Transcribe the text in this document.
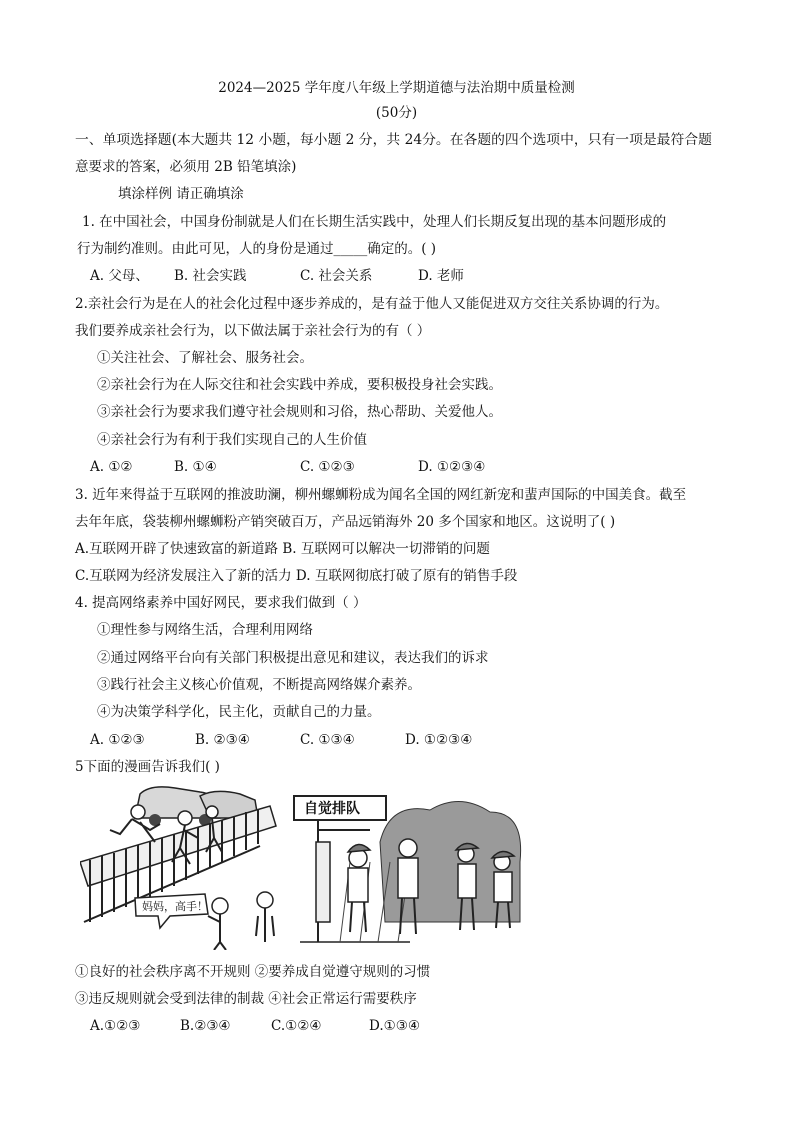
2024—2025 学年度八年级上学期道德与法治期中质量检测
(50分)
一、单项选择题(本大题共 12 小题，每小题 2 分，共 24分。在各题的四个选项中，只有一项是最符合题
意要求的答案，必须用 2B 铅笔填涂)
填涂样例 请正确填涂
1. 在中国社会，中国身份制就是人们在长期生活实践中，处理人们长期反复出现的基本问题形成的
行为制约准则。由此可见，人的身份是通过_____确定的。( )
A. 父母、 B. 社会实践	C. 社会关系	D. 老师
2.亲社会行为是在人的社会化过程中逐步养成的，是有益于他人又能促进双方交往关系协调的行为。
我们要养成亲社会行为，以下做法属于亲社会行为的有（ ）
①关注社会、了解社会、服务社会。
②亲社会行为在人际交往和社会实践中养成，要积极投身社会实践。
③亲社会行为要求我们遵守社会规则和习俗，热心帮助、关爱他人。
④亲社会行为有利于我们实现自己的人生价值
A. ①②	B. ①④	C. ①②③	D. ①②③④
3. 近年来得益于互联网的推波助澜，柳州螺蛳粉成为闻名全国的网红新宠和蜚声国际的中国美食。截至
去年年底，袋装柳州螺蛳粉产销突破百万，产品远销海外 20 多个国家和地区。这说明了( )
A.互联网开辟了快速致富的新道路 B. 互联网可以解决一切滞销的问题
C.互联网为经济发展注入了新的活力 D. 互联网彻底打破了原有的销售手段
4. 提高网络素养中国好网民，要求我们做到（ ）
①理性参与网络生活，合理利用网络
②通过网络平台向有关部门积极提出意见和建议，表达我们的诉求
③践行社会主义核心价值观，不断提高网络媒介素养。
④为决策学科学化，民主化，贡献自己的力量。
A. ①②③	B. ②③④	C. ①③④	D. ①②③④
5下面的漫画告诉我们( )
妈妈，高手！
自觉排队
①良好的社会秩序离不开规则 ②要养成自觉遵守规则的习惯
③违反规则就会受到法律的制裁 ④社会正常运行需要秩序
A.①②③	B.②③④	C.①②④	D.①③④
